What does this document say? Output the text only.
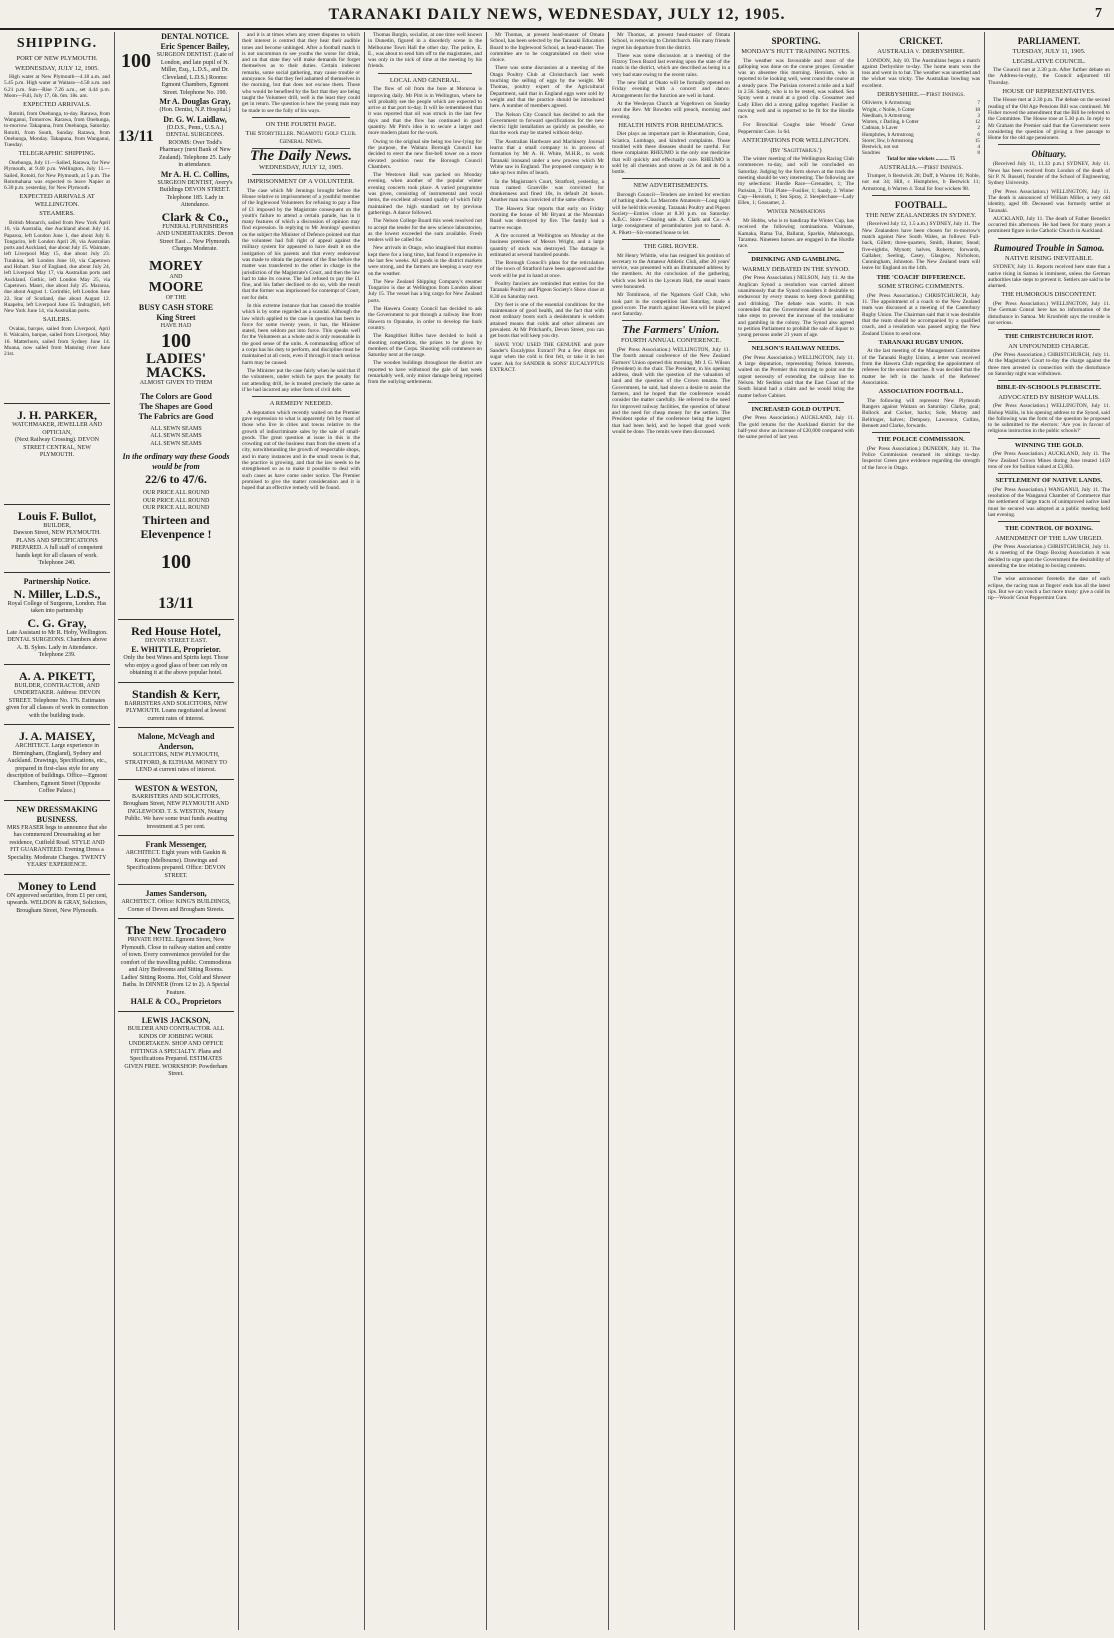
TARANAKI DAILY NEWS, WEDNESDAY, JULY 12, 1905.	7
SHIPPING.
PORT OF NEW PLYMOUTH.
WEDNESDAY, JULY 12, 1905.
High water at New Plymouth—4.18 a.m. and 5.45 p.m. High water at Waitara—4.58 a.m. and 6.21 p.m. Sun—Rise 7.26 a.m., set 4.44 p.m. Moon—Full, July 17, 6h. 6m. 18s. am.
EXPECTED ARRIVALS.
Rotoiti, from Onehunga, to-day. Rarawa, from Wanganui, Tomorrow. Rarawa, from Onehunga, to-morrow. Takapuna, from Onehunga, Saturday. Rotoiti, from South, Sunday. Rarawa, from Onehunga, Monday. Takapuna, from Wanganui, Tuesday.
TELEGRAPHIC SHIPPING.
Onehunga, July 11.—Sailed, Rarawa, for New Plymouth, at 9.40 p.m. Wellington, July 11.—Sailed, Rotoiti, for New Plymouth, at 5 p.m. The Rotomahana was expected to leave Napier at 6.30 p.m. yesterday, for New Plymouth.
EXPECTED ARRIVALS AT WELLINGTON.
STEAMERS.
British Monarch, sailed from New York April 16, via Australia, due Auckland about July 14. Paparoa, left London June 1, due about July 8. Tongariro, left London April 28, via Australian ports and Auckland, due about July 15. Waimate, left Liverpool May 15, due about July 23. Turakina, left London June 10, via Capetown and Hobart. Star of England, due about July 24, left Liverpool May 17, via Australian ports and Auckland. Gothic, left London May 25, via Capetown. Maori, due about July 25. Mararoa, due about August 1. Corinthic, left London June 22. Star of Scotland, due about August 12. Ruapehu, left Liverpool June 15. Indraghiri, left New York June 14, via Australian ports.
SAILERS.
Ovalau, barque, sailed from Liverpool, April 8. Walcairn, barque, sailed from Liverpool, May 16. Matterhorn, sailed from Sydney June 14. Moana, now sailed from Manning river June 21st.
J. H. PARKER,
WATCHMAKER, JEWELLER AND OPTICIAN,
(Next Railway Crossing). DEVON STREET CENTRAL, NEW PLYMOUTH.
Louis F. Bullot,
BUILDER,
Dawson Street, NEW PLYMOUTH. PLANS AND SPECIFICATIONS PREPARED. A full staff of competent hands kept for all classes of work. Telephone 240.
Partnership Notice.
N. Miller, L.D.S.,
Royal College of Surgeons, London. Has taken into partnership
C. G. Gray,
Late Assistant to Mr R. Hoby, Wellington. DENTAL SURGEONS. Chambers above A. B. Sykes. Lady in Attendance. Telephone 239.
A. A. PIKETT,
BUILDER, CONTRACTOR, AND UNDERTAKER. Address: DEVON STREET. Telephone No. 176. Estimates given for all classes of work in connection with the building trade.
J. A. MAISEY,
ARCHITECT. Large experience in Birmingham, (England), Sydney and Auckland. Drawings, Specifications, etc., prepared in first-class style for any description of buildings. Office—Egmont Chambers, Egmont Street (Opposite Coffee Palace.)
NEW DRESSMAKING BUSINESS.
MRS FRASER begs to announce that she has commenced Dressmaking at her residence, Cutfield Road. STYLE AND FIT GUARANTEED. Evening Dress a Speciality. Moderate Charges. TWENTY YEARS' EXPERIENCE.
Money to Lend
ON approved securities, from £1 per cent, upwards. WELDON & GRAY, Solicitors, Brougham Street, New Plymouth.
100
13/11
DENTAL NOTICE.
Eric Spencer Bailey,
SURGEON DENTIST. (Late of London, and late pupil of N. Miller, Esq., L.D.S., and Dr. Cleveland, L.D.S.) Rooms: Egmont Chambers, Egmont Street. Telephone No. 190.
Mr A. Douglas Gray,
(Hon. Dentist, N.P. Hospital.)
Dr. G. W. Laidlaw,
(D.D.S., Penn., U.S.A.) DENTAL SURGEONS. ROOMS: Over Todd's Pharmacy (next Bank of New Zealand). Telephone 25. Lady in attendance.
Mr A. H. C. Collins,
SURGEON DENTIST, Avery's Buildings DEVON STREET. Telephone 185. Lady in Attendance.
Clark & Co.,
FUNERAL FURNISHERS AND UNDERTAKERS. Devon Street East ... New Plymouth. Charges Moderate.
MOREY
AND
MOORE
OF THE
BUSY CASH STORE
King Street
HAVE HAD
100
LADIES'
MACKS.
ALMOST GIVEN TO THEM
The Colors are Good
The Shapes are Good
The Fabrics are Good
ALL SEWN SEAMS
ALL SEWN SEAMS
ALL SEWN SEAMS
In the ordinary way these Goods would be from
22/6 to 47/6.
OUR PRICE ALL ROUND
OUR PRICE ALL ROUND
OUR PRICE ALL ROUND
Thirteen and Elevenpence !
100
13/11
Red House Hotel,
DEVON STREET EAST.
E. WHITTLE, Proprietor.
Only the best Wines and Spirits kept. Those who enjoy a good glass of beer can rely on obtaining it at the above popular hotel.
Standish & Kerr,
BARRISTERS AND SOLICITORS, NEW PLYMOUTH. Loans negotiated at lowest current rates of interest.
Malone, McVeagh and Anderson,
SOLICITORS, NEW PLYMOUTH, STRATFORD, & ELTHAM. MONEY TO LEND at current rates of interest.
WESTON & WESTON,
BARRISTERS AND SOLICITORS, Brougham Street, NEW PLYMOUTH AND INGLEWOOD. T. S. WESTON, Notary Public. We have some trust funds awaiting investment at 5 per cent.
Frank Messenger,
ARCHITECT. Eight years with Gaukin & Kemp (Melbourne). Drawings and Specifications prepared. Office: DEVON STREET.
James Sanderson,
ARCHITECT. Office: KING'S BUILDINGS, Corner of Devon and Brougham Streets.
The New Trocadero
PRIVATE HOTEL. Egmont Street, New Plymouth. Close to railway station and centre of town. Every convenience provided for the comfort of the travelling public. Commodious and Airy Bedrooms and Sitting Rooms. Ladies' Sitting Rooms. Hot, Cold and Shower Baths. In DINNER (from 12 to 2). A Special Feature.
HALE & CO., Proprietors
LEWIS JACKSON,
BUILDER AND CONTRACTOR. ALL KINDS OF JOBBING WORK UNDERTAKEN. SHOP AND OFFICE FITTINGS A SPECIALTY. Plans and Specifications Prepared. ESTIMATES GIVEN FREE. WORKSHOP: Powderham Street.
and it is at times when any street disputes to which their interest is centred that they hear their audible tones and become unhinged. After a football match it is not uncommon to see youths the worse for drink, and on that state they will make demands for forget themselves as to their duties. Certain indecent remarks, some social gathering, may cause trouble or annoyance. So that they feel ashamed of themselves in the morning, but that does not excuse them. Those who would be benefited by the fact that they are being taught the Volunteer drill, well is the least they could get in return. The question is how the young man may be made to see the folly of his ways.
ON THE FOURTH PAGE.
The Storyteller. Ngamotu Golf Club. General News.
The Daily News.
WEDNESDAY, JULY 12, 1905.
IMPRISONMENT OF A VOLUNTEER.
The case which Mr Jennings brought before the House relative to imprisonment of a youthful member of the Inglewood Volunteers for refusing to pay a fine of £1 imposed by the Magistrate consequent on the youth's failure to attend a certain parade, has in it many features of which a discussion of opinion may find expression. In replying to Mr Jennings' question on the subject the Minister of Defence pointed out that the volunteer had full right of appeal against the military system for appeared to have dealt it on the instigation of his parents and that every endeavour was made to obtain the payment of the fine before the matter was transferred to the other in charge in the jurisdiction of the Magistrate's Court, and then the law had to take its course. The lad refused to pay the £1 fine, and his father declined to do so, with the result that the former was imprisoned for contempt of Court, not for debt.
In this extreme instance that has caused the trouble which is by some regarded as a scandal. Although the law which applied to the case in question has been in force for some twenty years, it has, the Minister stated, been seldom put into force. This speaks well for the Volunteers as a whole and is only reasonable in the good sense of the units. A commanding officer of a corps has his duty to perform, and discipline must be maintained at all costs, even if through it much serious harm may be caused.
The Minister put the case fairly when he said that if the volunteers, under which he pays the penalty for not attending drill, he is treated precisely the same as if he had incurred any other form of civil debt.
A REMEDY NEEDED.
A deputation which recently waited on the Premier gave expression to what is apparently felt by most of those who live in cities and towns relative to the growth of indiscriminate sales by the sale of small-goods. The great question at issue in this is the crowding out of the business man from the streets of a city, notwithstanding the growth of respectable shops, and in many instances and in the small towns is that, the practice is growing, and that the law needs to be strengthened so as to make it possible to deal with such cases as have come under notice. The Premier promised to give the matter consideration and it is hoped that an effective remedy will be found.
Thomas Burgin, socialist, at one time well known in Dunedin, figured in a disorderly scene in the Melbourne Town Hall the other day. The police, E. E., was about to send him off to the magistrates, and was only in the nick of time at the meeting by his friends.
LOCAL AND GENERAL.
The flow of oil from the bore at Moturoa is improving daily. Mr Pim is in Wellington, where he will probably see the people which are expected to arrive at that port to-day. It will be remembered that it was reported that oil was struck in the last few days and that the flow has continued in good quantity. Mr Pim's idea is to secure a larger and more modern plant for the work.
Owing to the original site being too low-lying for the purpose, the Waitara Borough Council has decided to erect the new fire-bell tower on a more elevated position near the Borough Council Chambers.
The Westown Hall was packed on Monday evening, when another of the popular winter evening concerts took place. A varied programme was given, consisting of instrumental and vocal items, the excellent all-round quality of which fully maintained the high standard set by previous gatherings. A dance followed.
The Nelson College Board this week resolved not to accept the tender for the new science laboratories, as the lowest exceeded the sum available. Fresh tenders will be called for.
New arrivals in Otago, who imagined that mutton kept there for a long time, had found it expensive in the last few weeks. All goods in the district markets were strong, and the farmers are keeping a wary eye on the weather.
The New Zealand Shipping Company's steamer Tongariro is due at Wellington from London about July 15. The vessel has a big cargo for New Zealand ports.
The Hawera County Council has decided to ask the Government to put through a railway line from Hawera to Opunake, in order to develop the back country.
The Rangitikei Rifles have decided to hold a shooting competition, the prizes to be given by members of the Corps. Shooting will commence on Saturday next at the range.
The wooden buildings throughout the district are reported to have withstood the gale of last week remarkably well, only minor damage being reported from the outlying settlements.
Mr Thomas, at present head-master of Omata School, has been selected by the Taranaki Education Board to the Inglewood School, as head-master. The committee are to be congratulated on their wise choice.
There was some discussion at a meeting of the Otago Poultry Club at Christchurch last week touching the selling of eggs by the weight. Mr Thomas, poultry expert of the Agricultural Department, said that in England eggs were sold by weight and that the practice should be introduced here. A number of members agreed.
The Nelson City Council has decided to ask the Government to forward specifications for the new electric light installation as quickly as possible, so that the work may be started without delay.
The Australian Hardware and Machinery Journal learns that a small company is in process of formation by Mr A. H. White, M.H.R., to work Taranaki ironsand under a new process which Mr White saw in England. The proposed company is to take up two miles of beach.
In the Magistrate's Court, Stratford, yesterday, a man named Granville was convicted for drunkenness and fined 10s, in default 24 hours. Another man was convicted of the same offence.
The Hawera Star reports that early on Friday morning the house of Mr Bryant at the Mountain Road was destroyed by fire. The family had a narrow escape.
A fire occurred at Wellington on Monday at the business premises of Messrs Wright, and a large quantity of stock was destroyed. The damage is estimated at several hundred pounds.
The Borough Council's plans for the reticulation of the town of Stratford have been approved and the work will be put in hand at once.
Poultry fanciers are reminded that entries for the Taranaki Poultry and Pigeon Society's Show close at 8.30 on Saturday next.
Dry feet is one of the essential conditions for the maintenance of good health, and the fact that with most ordinary boots such a desideratum is seldom attained means that colds and other ailments are prevalent. At Mr Pritchard's, Devon Street, you can get boots that will keep you dry.
HAVE YOU USED THE GENUINE and pure Sander's Eucalyptus Extract? Put a few drops on sugar when the cold is first felt, or take it in hot water. Ask for SANDER & SONS' EUCALYPTUS EXTRACT.
Mr Thomas, at present head-master of Omata School, is removing to Christchurch. His many friends regret his departure from the district.
There was some discussion at a meeting of the Fitzroy Town Board last evening upon the state of the roads in the district, which are described as being in a very bad state owing to the recent rains.
The new Hall at Okato will be formally opened on Friday evening with a concert and dance. Arrangements for the function are well in hand.
At the Wesleyan Church at Vogeltown on Sunday next the Rev. Mr Bowden will preach, morning and evening.
HEALTH HINTS FOR RHEUMATICS.
Diet plays an important part in Rheumatism, Gout, Sciatica, Lumbago, and kindred complaints. Those troubled with these diseases should be careful. For these complaints RHEUMO is the only one medicine that will quickly and effectually cure. RHEUMO is sold by all chemists and stores at 2s 6d and 4s 6d a bottle.
NEW ADVERTISEMENTS.
Borough Council—Tenders are invited for erection of bathing sheds. La Mascotte Amateurs—Long night will be held this evening. Taranaki Poultry and Pigeon Society—Entries close at 8.30 p.m. on Saturday. A.B.C. Store—Clearing sale. A. Clark and Co.—A large consignment of perambulators just to hand. A. A. Pikett—Six-roomed house to let.
THE GIRL ROVER.
Mr Henry Whittle, who has resigned his position of secretary to the Amateur Athletic Club, after 20 years' service, was presented with an illuminated address by the members. At the conclusion of the gathering, which was held in the Lyceum Hall, the usual toasts were honoured.
Mr Tomlinson, of the Ngamotu Golf Club, who took part in the competition last Saturday, made a good score. The match against Hawera will be played next Saturday.
The Farmers' Union.
FOURTH ANNUAL CONFERENCE.
(Per Press Association.) WELLINGTON, July 11. The fourth annual conference of the New Zealand Farmers' Union opened this morning, Mr J. G. Wilson (President) in the chair. The President, in his opening address, dealt with the question of the valuation of land and the question of the Crown tenants. The Government, he said, had shown a desire to assist the farmers, and he hoped that the conference would consider the matter carefully. He referred to the need for improved railway facilities, the question of labour and the need for cheap money for the settlers. The President spoke of the conference being the largest that had been held, and he hoped that good work would be done. The remits were then discussed.
SPORTING.
MONDAY'S HUTT TRAINING NOTES.
The weather was favourable and most of the galloping was done on the course proper. Grenadier was an absentee this morning. Heroism, who is reported to be looking well, went round the course at a steady pace. The Parisian covered a mile and a half in 2.56. Sandy, who is to be rested, was walked. Sea Spray went a round at a good clip. Gossamer and Lady Ellen did a strong gallop together. Fusilier is moving well and is reported to be fit for the Hurdle race.
For Bronchial Coughs take Woods' Great Peppermint Cure. 1s 6d.
ANTICIPATIONS FOR WELLINGTON.
(By 'Sagittarius.')
The winter meeting of the Wellington Racing Club commences to-day, and will be concluded on Saturday. Judging by the form shown at the track the meeting should be very interesting. The following are my selections: Hurdle Race—Grenadier, 1; The Parisian, 2. Trial Plate—Fusilier, 1; Sandy, 2. Winter Cup—Heroism, 1; Sea Spray, 2. Steeplechase—Lady Ellen, 1; Gossamer, 2.
Winter Nominations
Mr Hobbs, who is to handicap the Winter Cup, has received the following nominations. Waimate, Kamaka, Rama Tui, Ballarat, Sparkle, Mahutonga, Taramea. Nineteen horses are engaged in the Hurdle race.
DRINKING AND GAMBLING.
WARMLY DEBATED IN THE SYNOD.
(Per Press Association.) NELSON, July 11. At the Anglican Synod a resolution was carried almost unanimously that the Synod considers it desirable to endeavour by every means to keep down gambling and drinking. The debate was warm. It was contended that the Government should be asked to take steps to prevent the increase of the totalisator and gambling in the colony. The Synod also agreed to petition Parliament to prohibit the sale of liquor to young persons under 21 years of age.
NELSON'S RAILWAY NEEDS.
(Per Press Association.) WELLINGTON, July 11. A large deputation, representing Nelson interests, waited on the Premier this morning to point out the urgent necessity of extending the railway line to Nelson. Mr Seddon said that the East Coast of the South Island had a claim and he would bring the matter before Cabinet.
INCREASED GOLD OUTPUT.
(Per Press Association.) AUCKLAND, July 11. The gold returns for the Auckland district for the half-year show an increase of £20,000 compared with the same period of last year.
CRICKET.
AUSTRALIA v. DERBYSHIRE.
LONDON, July 10. The Australians began a match against Derbyshire to-day. The home team won the toss and went in to bat. The weather was unsettled and the wicket was tricky. The Australian bowling was excellent.
DERBYSHIRE.—First Innings.
Ollivierre, b Armstrong	7
Wright, c Noble, b Cotter	18
Needham, b Armstrong	3
Warren, c Darling, b Cotter	12
Cadman, b Laver	2
Humphries, b Armstrong	6
Storer, lbw, b Armstrong	15
Bestwick, not out	4
Sundries	8
Total for nine wickets .......... 75
AUSTRALIA.—First Innings.
Trumper, b Bestwick 28; Duff, b Warren 16; Noble, not out 34; Hill, c Humphries, b Bestwick 11; Armstrong, b Warren 4. Total for four wickets 98.
FOOTBALL.
THE NEW ZEALANDERS IN SYDNEY.
(Received July 12, 1.5 a.m.) SYDNEY, July 11. The New Zealanders have been chosen for to-morrow's match against New South Wales, as follows: Full-back, Gillett; three-quarters, Smith, Hunter, Stead; five-eighths, Mynott; halves, Roberts; forwards, Gallaher, Seeling, Casey, Glasgow, Nicholson, Cunningham, Johnston. The New Zealand team will leave for England on the 14th.
THE 'COACH' DIFFERENCE.
SOME STRONG COMMENTS.
(Per Press Association.) CHRISTCHURCH, July 11. The appointment of a coach to the New Zealand team was discussed at a meeting of the Canterbury Rugby Union. The Chairman said that it was desirable that the team should be accompanied by a qualified coach, and a resolution was passed urging the New Zealand Union to send one.
TARANAKI RUGBY UNION.
At the last meeting of the Management Committee of the Taranaki Rugby Union, a letter was received from the Hawera Club regarding the appointment of referees for the senior matches. It was decided that the matter be left in the hands of the Referees' Association.
ASSOCIATION FOOTBALL.
The following will represent New Plymouth Rangers against Waitara on Saturday: Clarke, goal; Bullock and Cocker, backs; Sole, Murray and Bellringer, halves; Dempsey, Lawrence, Collins, Bennett and Clarke, forwards.
THE POLICE COMMISSION.
(Per Press Association.) DUNEDIN, July 11. The Police Commission resumed its sittings to-day. Inspector Green gave evidence regarding the strength of the force in Otago.
PARLIAMENT.
TUESDAY, JULY 11, 1905.
LEGISLATIVE COUNCIL.
The Council met at 2.30 p.m. After further debate on the Address-in-reply, the Council adjourned till Thursday.
HOUSE OF REPRESENTATIVES.
The House met at 2.30 p.m. The debate on the second reading of the Old Age Pensions Bill was continued. Mr Fisher moved the amendment that the Bill be referred to the Committee. The House rose at 5.30 p.m. In reply to Mr Graham the Premier said that the Government were considering the question of giving a free passage to Home for the old age pensioners.
Obituary.
(Received July 11, 11.33 p.m.) SYDNEY, July 11. News has been received from London of the death of Sir P. N. Russell, founder of the School of Engineering, Sydney University.
(Per Press Association.) WELLINGTON, July 11. The death is announced of William Miller, a very old identity, aged 80. Deceased was formerly settler at Taranaki.
AUCKLAND, July 11. The death of Father Benedict occurred this afternoon. He had been for many years a prominent figure in the Catholic Church in Auckland.
Rumoured Trouble in Samoa.
NATIVE RISING INEVITABLE.
SYDNEY, July 11. Reports received here state that a native rising in Samoa is imminent, unless the German authorities take steps to prevent it. Settlers are said to be alarmed.
THE HUMOROUS DISCONTENT.
(Per Press Association.) WELLINGTON, July 11. The German Consul here has no information of the disturbance in Samoa. Mr Kronfeldt says the trouble is not serious.
THE CHRISTCHURCH RIOT.
AN UNFOUNDED CHARGE.
(Per Press Association.) CHRISTCHURCH, July 11. At the Magistrate's Court to-day the charge against the three men arrested in connection with the disturbance on Saturday night was withdrawn.
BIBLE-IN-SCHOOLS PLEBISCITE.
ADVOCATED BY BISHOP WALLIS.
(Per Press Association.) WELLINGTON, July 11. Bishop Wallis, in his opening address to the Synod, said the following was the form of the question he proposed to be submitted to the electors: 'Are you in favour of religious instruction in the public schools?'
WINNING THE GOLD.
(Per Press Association.) AUCKLAND, July 11. The New Zealand Crown Mines during June treated 1459 tons of ore for bullion valued at £3,883.
SETTLEMENT OF NATIVE LANDS.
(Per Press Association.) WANGANUI, July 11. The resolution of the Wanganui Chamber of Commerce that the settlement of large tracts of unimproved native land must be secured was adopted at a public meeting held last evening.
THE CONTROL OF BOXING.
AMENDMENT OF THE LAW URGED.
(Per Press Association.) CHRISTCHURCH, July 11. At a meeting of the Otago Boxing Association it was decided to urge upon the Government the desirability of amending the law relating to boxing contests.
The wise astronomer foretells the date of each eclipse, the racing man at fingers' ends has all the latest tips. But we can vouch a fact more trusty: give a cold its tip—Woods' Great Peppermint Cure.
